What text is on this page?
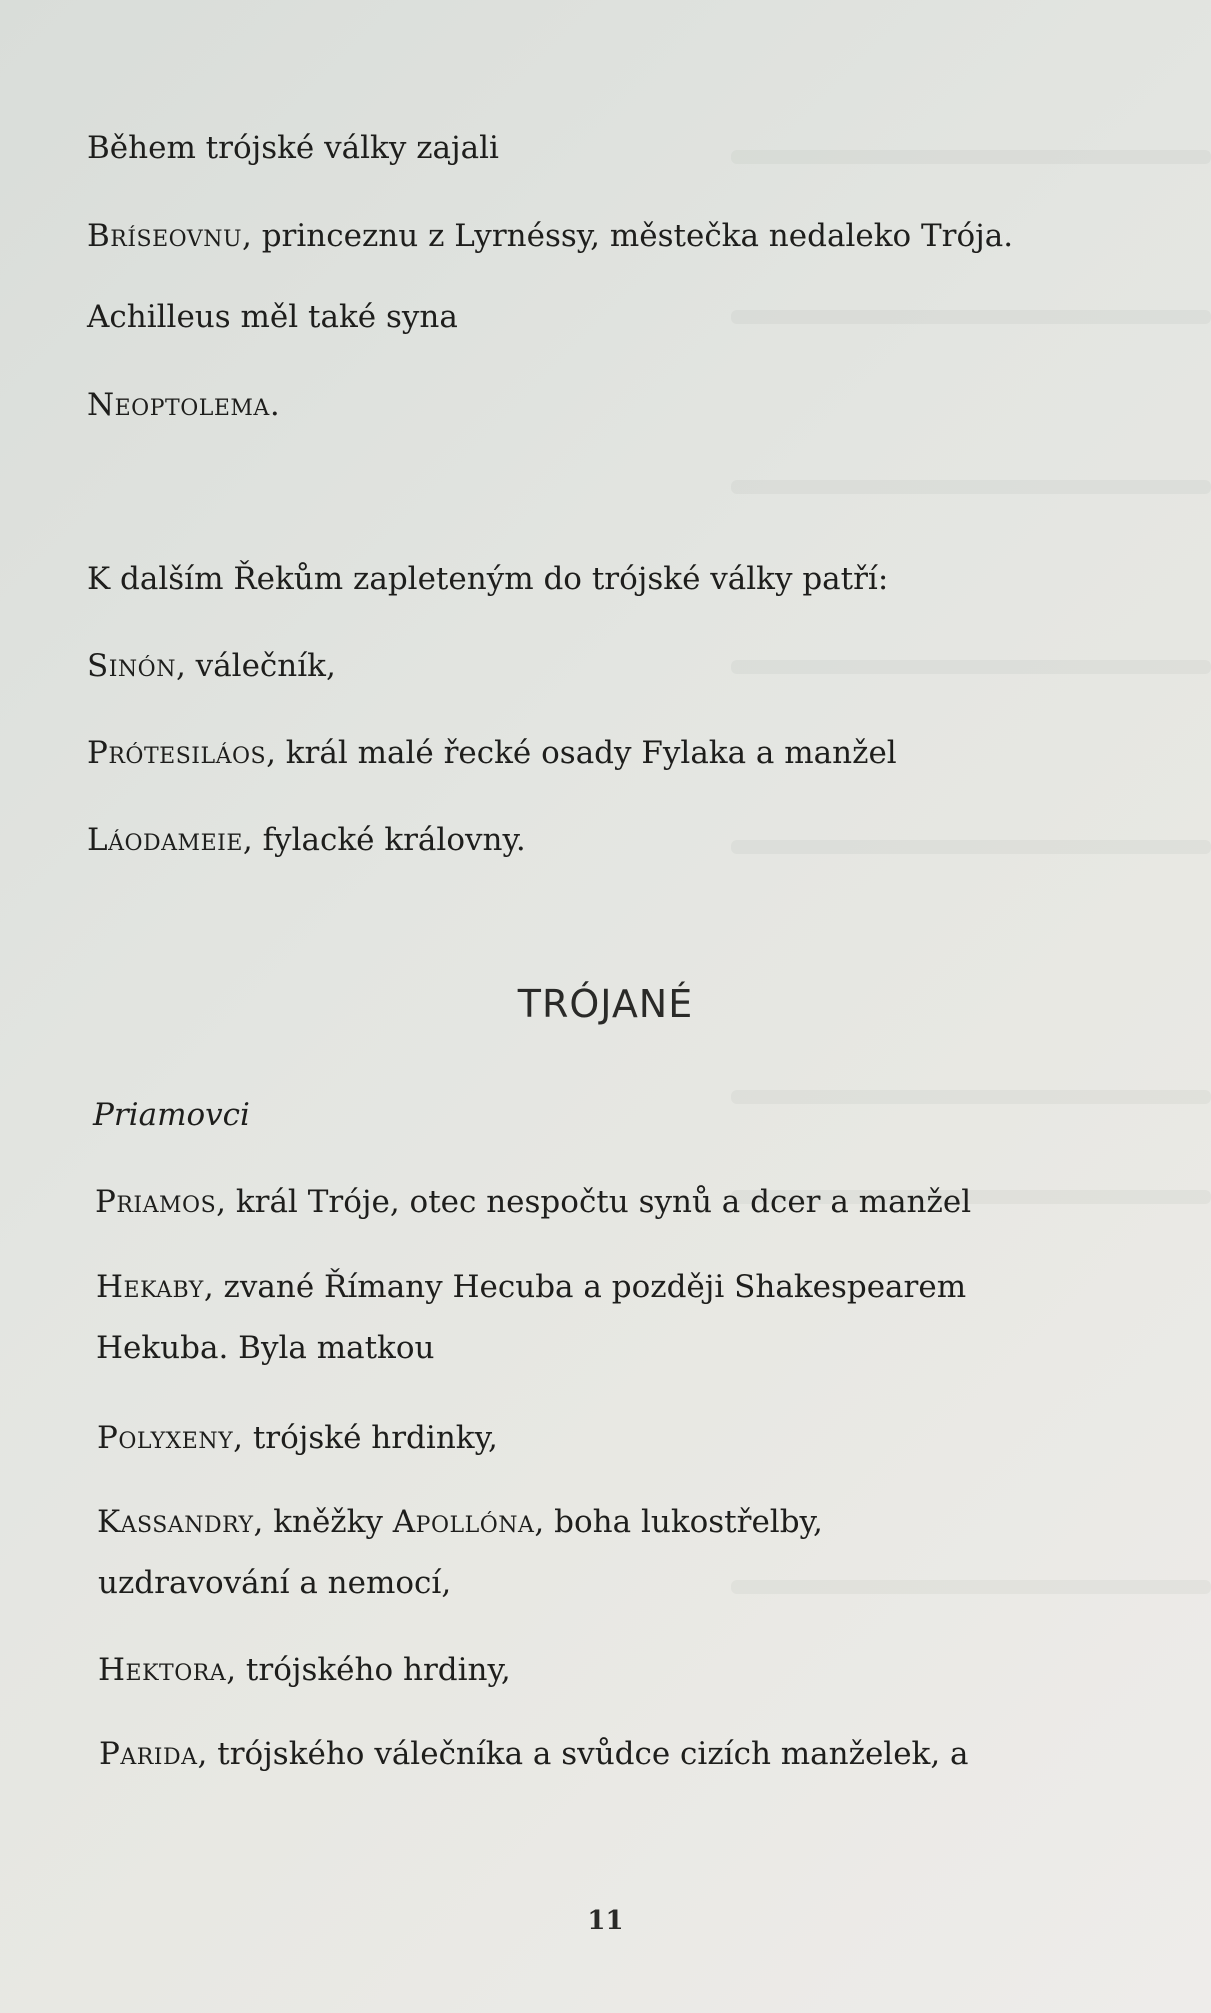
Během trójské války zajali
Bríseovnu, princeznu z Lyrnéssy, městečka nedaleko Trója.
Achilleus měl také syna
Neoptolema.
K dalším Řekům zapleteným do trójské války patří:
Sinón, válečník,
Prótesiláos, král malé řecké osady Fylaka a manžel
Láodameie, fylacké královny.
TRÓJANÉ
Priamovci
Priamos, král Tróje, otec nespočtu synů a dcer a manžel
Hekaby, zvané Římany Hecuba a později Shakespearem
Hekuba. Byla matkou
Polyxeny, trójské hrdinky,
Kassandry, kněžky Apollóna, boha lukostřelby,
uzdravování a nemocí,
Hektora, trójského hrdiny,
Parida, trójského válečníka a svůdce cizích manželek, a
11
